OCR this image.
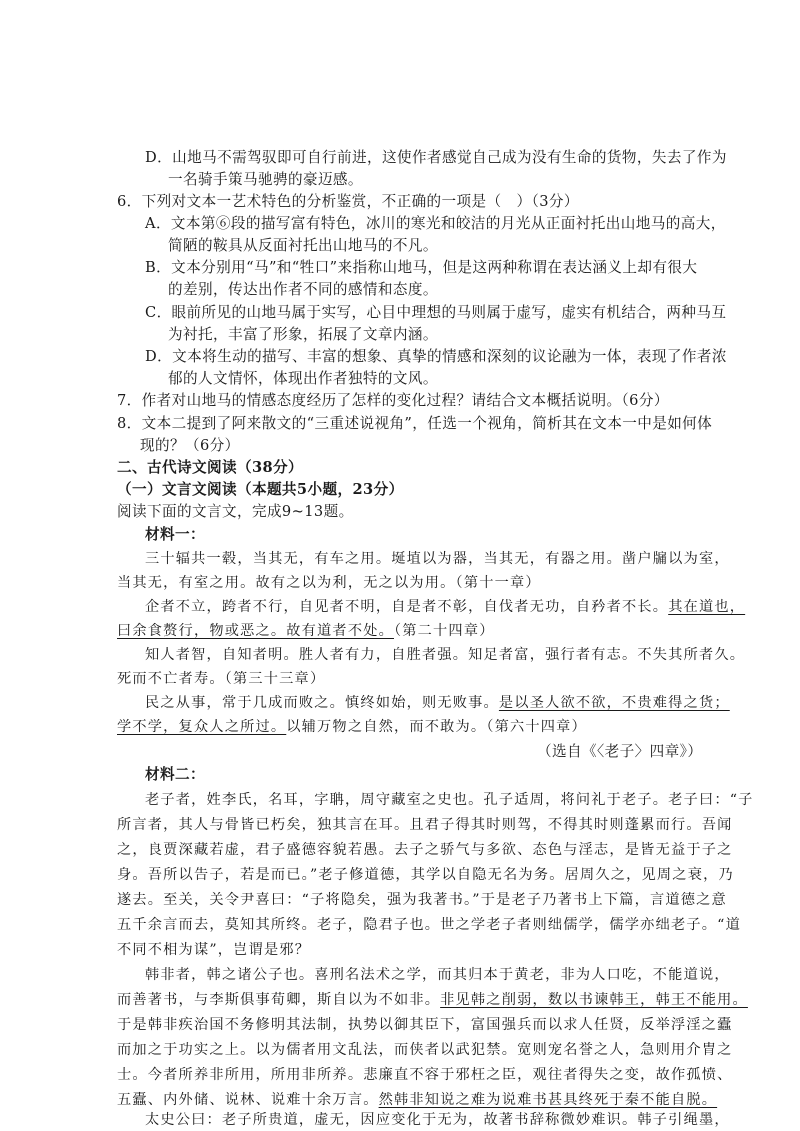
D．山地马不需驾驭即可自行前进，这使作者感觉自己成为没有生命的货物，失去了作为
一名骑手策马驰骋的豪迈感。
6．下列对文本一艺术特色的分析鉴赏，不正确的一项是（　）（3分）
A．文本第⑥段的描写富有特色，冰川的寒光和皎洁的月光从正面衬托出山地马的高大，
简陋的鞍具从反面衬托出山地马的不凡。
B．文本分别用“马”和“牲口”来指称山地马，但是这两种称谓在表达涵义上却有很大
的差别，传达出作者不同的感情和态度。
C．眼前所见的山地马属于实写，心目中理想的马则属于虚写，虚实有机结合，两种马互
为衬托，丰富了形象，拓展了文章内涵。
D．文本将生动的描写、丰富的想象、真挚的情感和深刻的议论融为一体，表现了作者浓
郁的人文情怀，体现出作者独特的文风。
7．作者对山地马的情感态度经历了怎样的变化过程？请结合文本概括说明。（6分）
8．文本二提到了阿来散文的“三重述说视角”，任选一个视角，简析其在文本一中是如何体
现的？（6分）
二、古代诗文阅读（38分）
（一）文言文阅读（本题共5小题，23分）
阅读下面的文言文，完成9~13题。
材料一：
三十辐共一毂，当其无，有车之用。埏埴以为器，当其无，有器之用。凿户牖以为室，
当其无，有室之用。故有之以为利，无之以为用。（第十一章）
企者不立，跨者不行，自见者不明，自是者不彰，自伐者无功，自矜者不长。其在道也，
曰余食赘行，物或恶之。故有道者不处。（第二十四章）
知人者智，自知者明。胜人者有力，自胜者强。知足者富，强行者有志。不失其所者久。
死而不亡者寿。（第三十三章）
民之从事，常于几成而败之。慎终如始，则无败事。是以圣人欲不欲，不贵难得之货；
学不学，复众人之所过。以辅万物之自然，而不敢为。（第六十四章）
（选自《〈老子〉四章》）
材料二：
老子者，姓李氏，名耳，字聃，周守藏室之史也。孔子适周，将问礼于老子。老子曰：“子
所言者，其人与骨皆已朽矣，独其言在耳。且君子得其时则驾，不得其时则蓬累而行。吾闻
之，良贾深藏若虚，君子盛德容貌若愚。去子之骄气与多欲、态色与淫志，是皆无益于子之
身。吾所以告子，若是而已。”老子修道德，其学以自隐无名为务。居周久之，见周之衰，乃
遂去。至关，关令尹喜曰：“子将隐矣，强为我著书。”于是老子乃著书上下篇，言道德之意
五千余言而去，莫知其所终。老子，隐君子也。世之学老子者则绌儒学，儒学亦绌老子。“道
不同不相为谋”，岂谓是邪？
韩非者，韩之诸公子也。喜刑名法术之学，而其归本于黄老，非为人口吃，不能道说，
而善著书，与李斯俱事荀卿，斯自以为不如非。非见韩之削弱，数以书谏韩王，韩王不能用。
于是韩非疾治国不务修明其法制，执势以御其臣下，富国强兵而以求人任贤，反举浮淫之蠹
而加之于功实之上。以为儒者用文乱法，而侠者以武犯禁。宽则宠名誉之人，急则用介胄之
士。今者所养非所用，所用非所养。悲廉直不容于邪枉之臣，观往者得失之变，故作孤愤、
五蠹、内外储、说林、说难十余万言。然韩非知说之难为说难书甚具终死于秦不能自脱。
太史公曰：老子所贵道，虚无，因应变化于无为，故著书辞称微妙难识。韩子引绳墨，
